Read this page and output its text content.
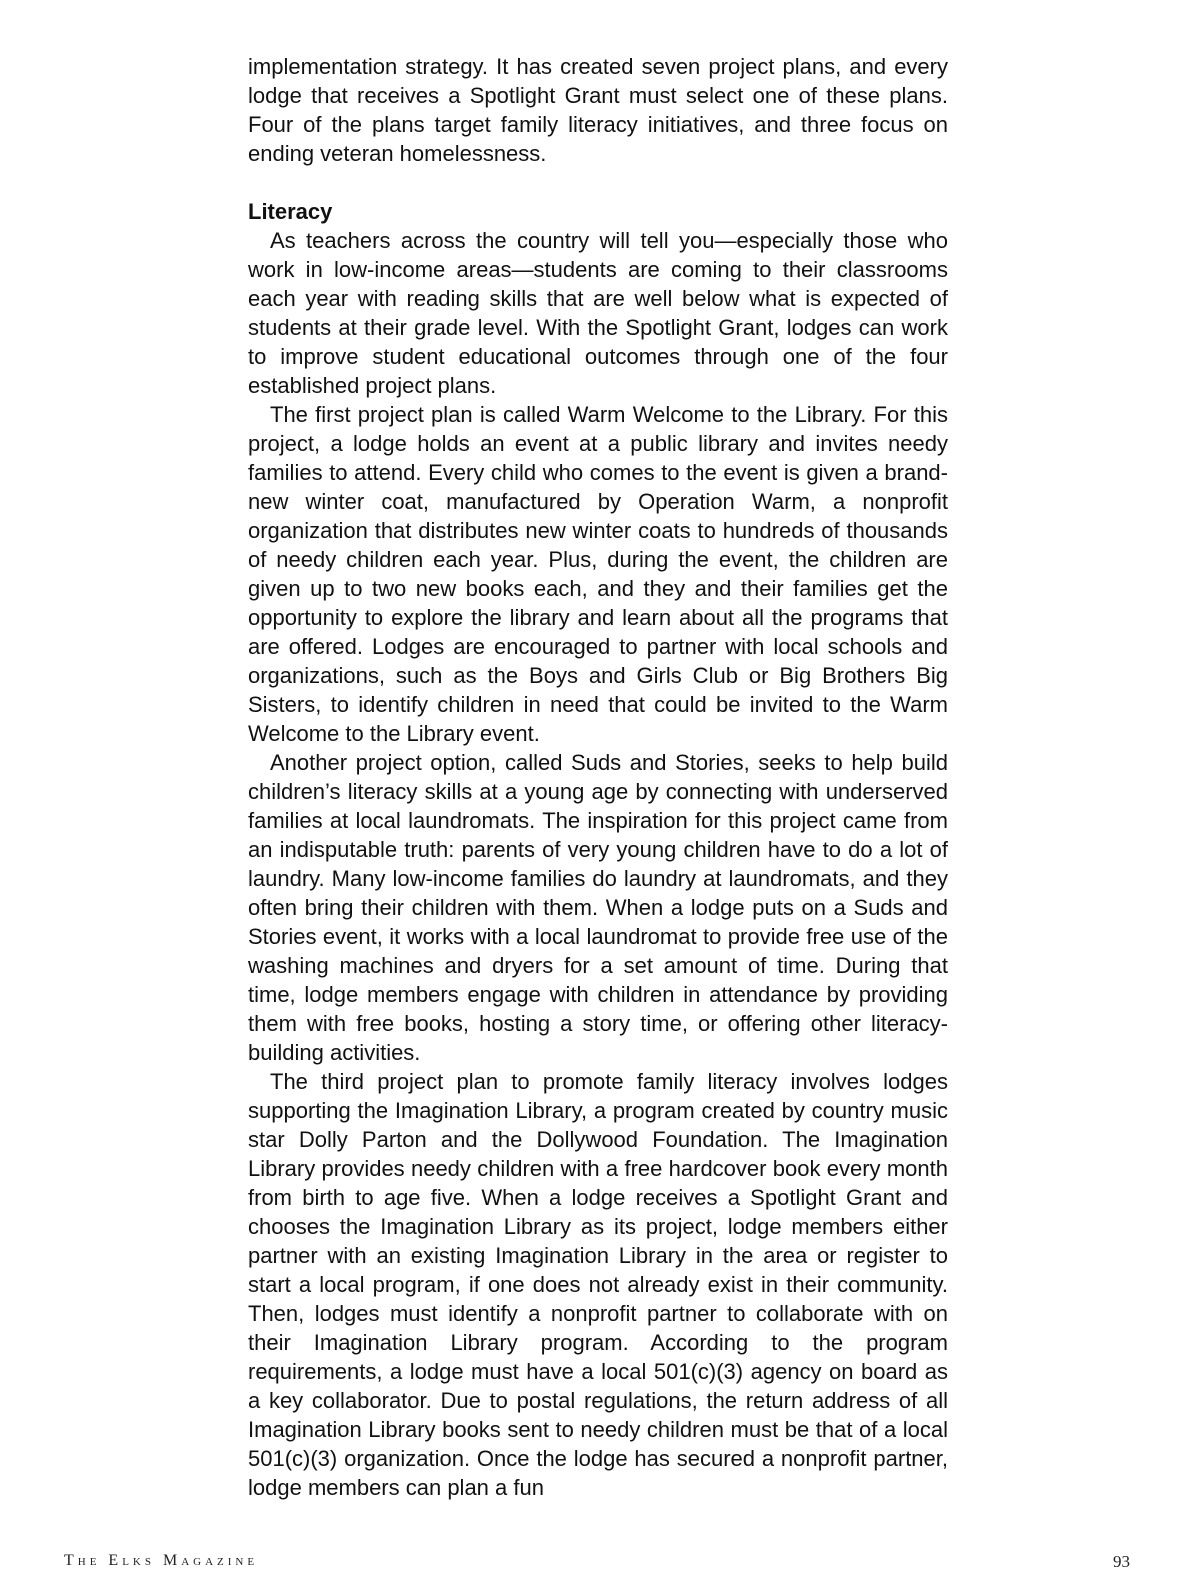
implementation strategy. It has created seven project plans, and every lodge that receives a Spotlight Grant must select one of these plans. Four of the plans target family literacy initiatives, and three focus on ending veteran homelessness.

Literacy

As teachers across the country will tell you—especially those who work in low-income areas—students are coming to their classrooms each year with reading skills that are well below what is expected of students at their grade level. With the Spotlight Grant, lodges can work to improve student educational outcomes through one of the four established project plans.

The first project plan is called Warm Welcome to the Library. For this project, a lodge holds an event at a public library and invites needy families to attend. Every child who comes to the event is given a brand-new winter coat, manufactured by Operation Warm, a nonprofit organization that distributes new winter coats to hundreds of thousands of needy children each year. Plus, during the event, the children are given up to two new books each, and they and their families get the opportunity to explore the library and learn about all the programs that are offered. Lodges are encouraged to partner with local schools and organizations, such as the Boys and Girls Club or Big Brothers Big Sisters, to identify children in need that could be invited to the Warm Welcome to the Library event.

Another project option, called Suds and Stories, seeks to help build children’s literacy skills at a young age by connecting with underserved families at local laundromats. The inspiration for this project came from an indisputable truth: parents of very young children have to do a lot of laundry. Many low-income families do laundry at laundromats, and they often bring their children with them. When a lodge puts on a Suds and Stories event, it works with a local laundromat to provide free use of the washing machines and dryers for a set amount of time. During that time, lodge members engage with children in attendance by providing them with free books, hosting a story time, or offering other literacy-building activities.

The third project plan to promote family literacy involves lodges supporting the Imagination Library, a program created by country music star Dolly Parton and the Dollywood Foundation. The Imagination Library provides needy children with a free hardcover book every month from birth to age five. When a lodge receives a Spotlight Grant and chooses the Imagination Library as its project, lodge members either partner with an existing Imagination Library in the area or register to start a local program, if one does not already exist in their community. Then, lodges must identify a nonprofit partner to collaborate with on their Imagination Library program. According to the program requirements, a lodge must have a local 501(c)(3) agency on board as a key collaborator. Due to postal regulations, the return address of all Imagination Library books sent to needy children must be that of a local 501(c)(3) organization. Once the lodge has secured a nonprofit partner, lodge members can plan a fun

The Elks Magazine	93
